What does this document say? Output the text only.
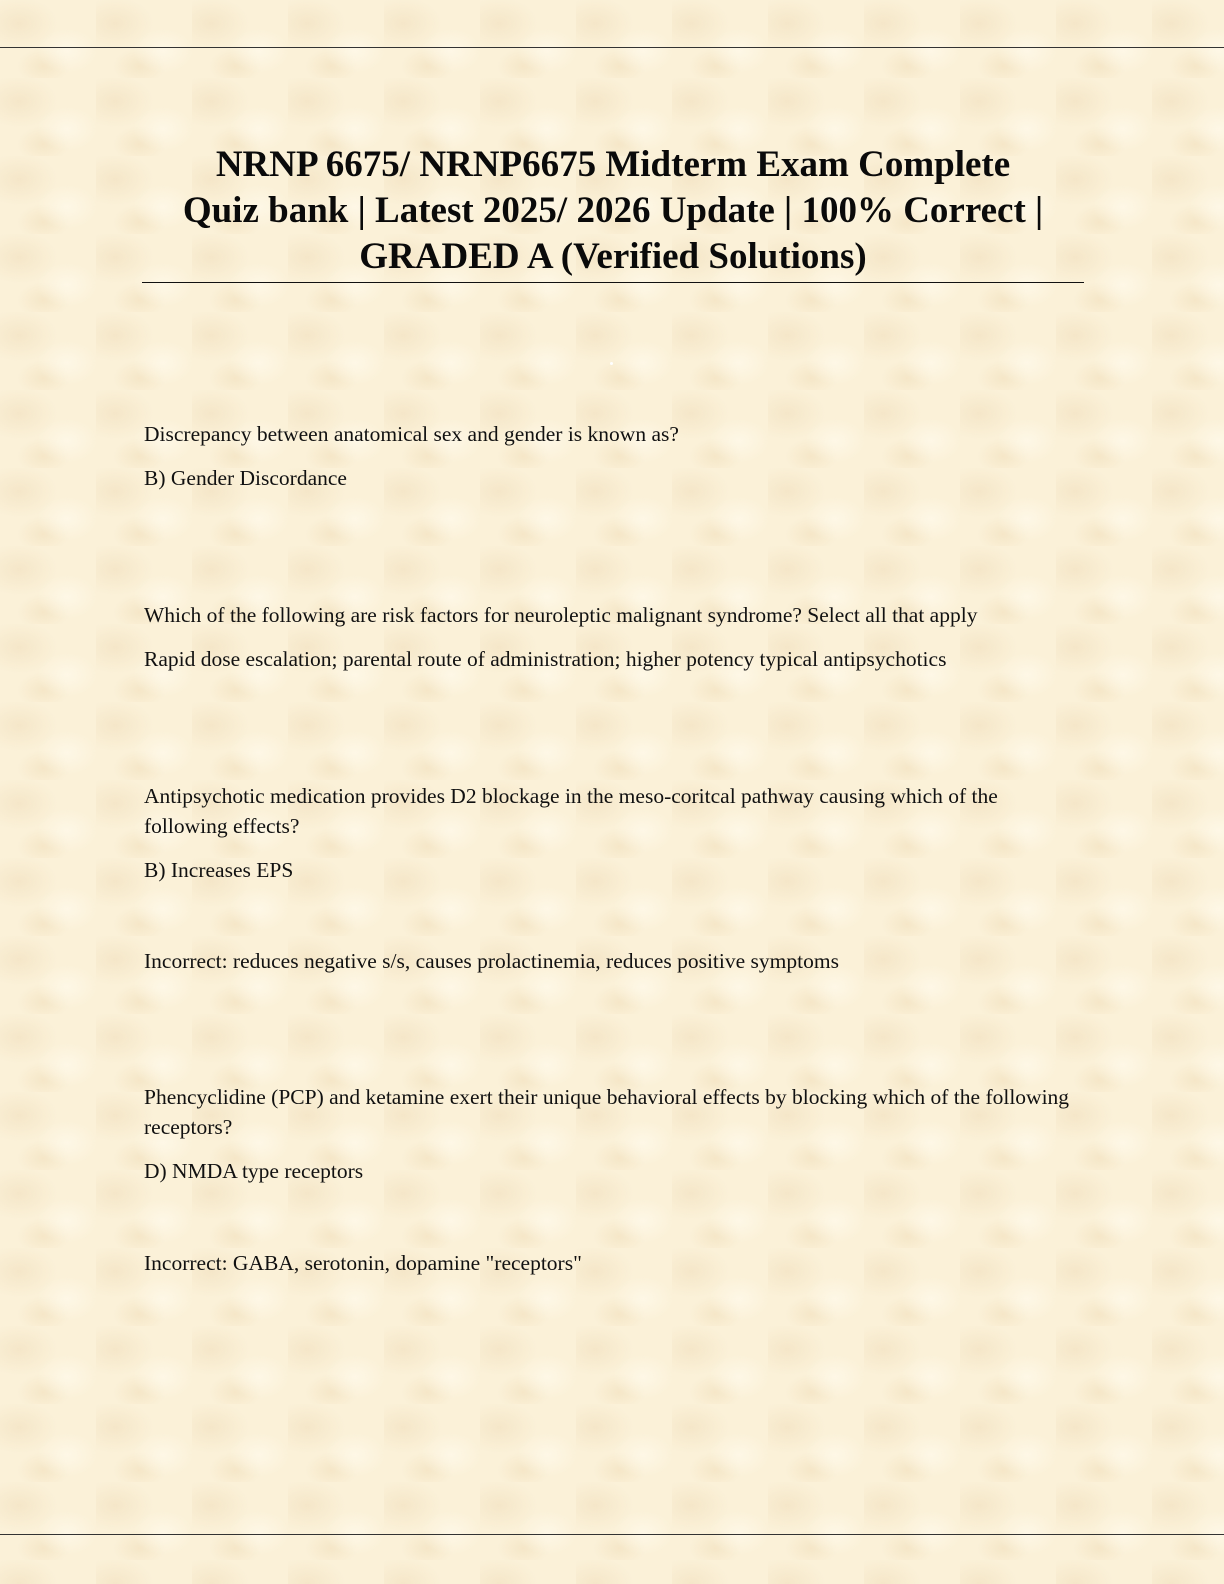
NRNP 6675/ NRNP6675 Midterm Exam Complete
Quiz bank | Latest 2025/ 2026 Update | 100% Correct |
GRADED A (Verified Solutions)

Discrepancy between anatomical sex and gender is known as?

B) Gender Discordance

Which of the following are risk factors for neuroleptic malignant syndrome? Select all that apply

Rapid dose escalation; parental route of administration; higher potency typical antipsychotics

Antipsychotic medication provides D2 blockage in the meso-coritcal pathway causing which of the following effects?

B) Increases EPS

Incorrect: reduces negative s/s, causes prolactinemia, reduces positive symptoms

Phencyclidine (PCP) and ketamine exert their unique behavioral effects by blocking which of the following receptors?

D) NMDA type receptors

Incorrect: GABA, serotonin, dopamine "receptors"
